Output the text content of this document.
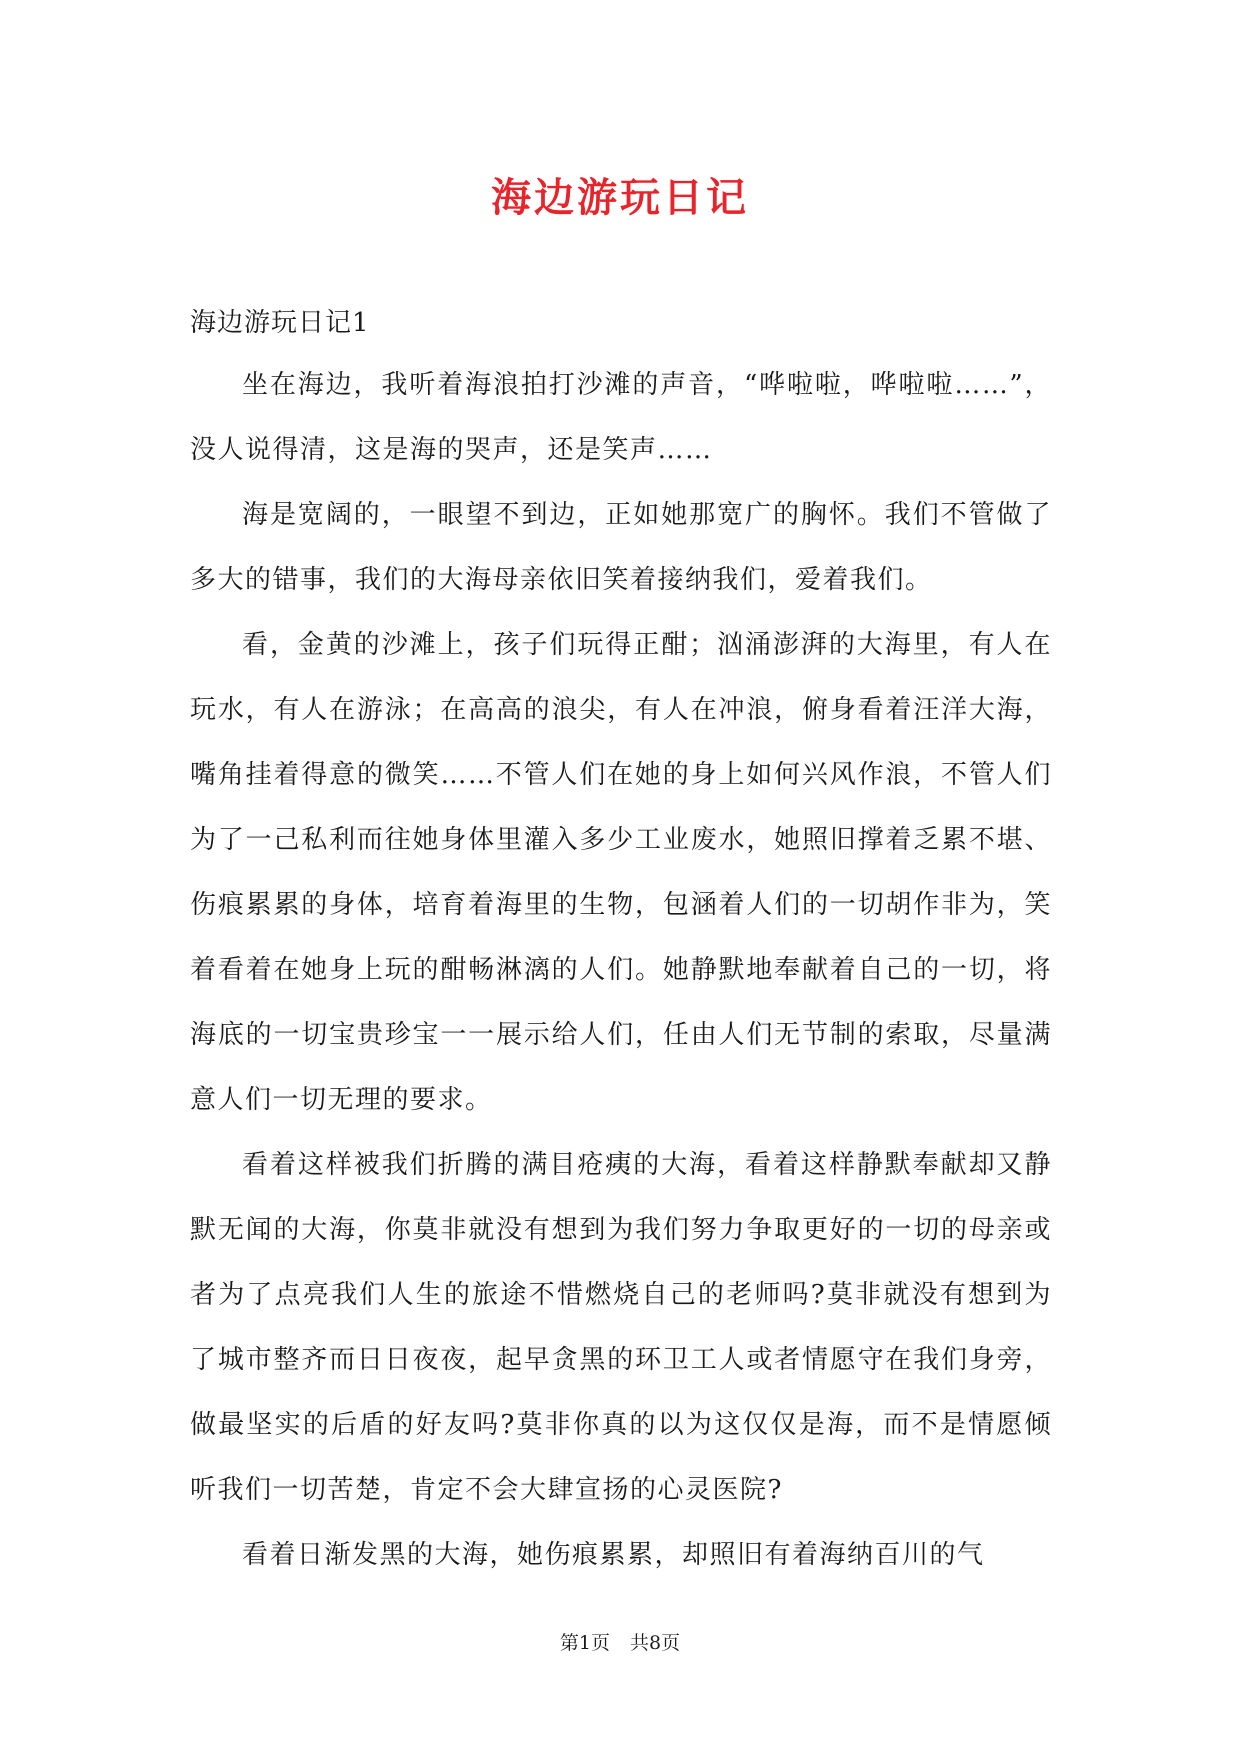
海边游玩日记

海边游玩日记1

坐在海边，我听着海浪拍打沙滩的声音，“哗啦啦，哗啦啦……”，没人说得清，这是海的哭声，还是笑声……

海是宽阔的，一眼望不到边，正如她那宽广的胸怀。我们不管做了多大的错事，我们的大海母亲依旧笑着接纳我们，爱着我们。

看，金黄的沙滩上，孩子们玩得正酣；汹涌澎湃的大海里，有人在玩水，有人在游泳；在高高的浪尖，有人在冲浪，俯身看着汪洋大海，嘴角挂着得意的微笑……不管人们在她的身上如何兴风作浪，不管人们为了一己私利而往她身体里灌入多少工业废水，她照旧撑着乏累不堪、伤痕累累的身体，培育着海里的生物，包涵着人们的一切胡作非为，笑着看着在她身上玩的酣畅淋漓的人们。她静默地奉献着自己的一切，将海底的一切宝贵珍宝一一展示给人们，任由人们无节制的索取，尽量满意人们一切无理的要求。

看着这样被我们折腾的满目疮痍的大海，看着这样静默奉献却又静默无闻的大海，你莫非就没有想到为我们努力争取更好的一切的母亲或者为了点亮我们人生的旅途不惜燃烧自己的老师吗?莫非就没有想到为了城市整齐而日日夜夜，起早贪黑的环卫工人或者情愿守在我们身旁，做最坚实的后盾的好友吗?莫非你真的以为这仅仅是海，而不是情愿倾听我们一切苦楚，肯定不会大肆宣扬的心灵医院?

看着日渐发黑的大海，她伤痕累累，却照旧有着海纳百川的气

第1页 共8页
